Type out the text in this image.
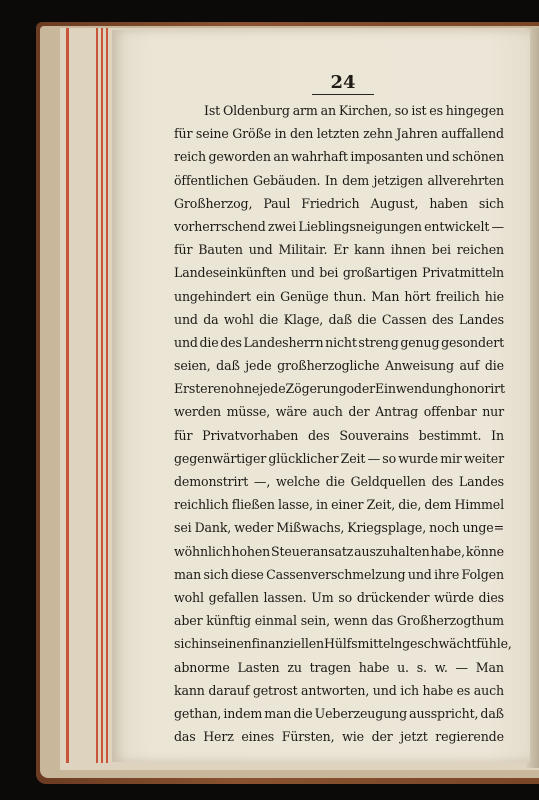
24
Ist Oldenburg arm an Kirchen, so ist es hingegen
für seine Größe in den letzten zehn Jahren auffallend
reich geworden an wahrhaft imposanten und schönen
öffentlichen Gebäuden. In dem jetzigen allverehrten
Großherzog, Paul Friedrich August, haben sich
vorherrschend zwei Lieblingsneigungen entwickelt —
für Bauten und Militair. Er kann ihnen bei reichen
Landeseinkünften und bei großartigen Privatmitteln
ungehindert ein Genüge thun. Man hört freilich hie
und da wohl die Klage, daß die Cassen des Landes
und die des Landesherrn nicht streng genug gesondert
seien, daß jede großherzogliche Anweisung auf die
Ersteren ohne jede Zögerung oder Einwendung honorirt
werden müsse, wäre auch der Antrag offenbar nur
für Privatvorhaben des Souverains bestimmt. In
gegenwärtiger glücklicher Zeit — so wurde mir weiter
demonstrirt —, welche die Geldquellen des Landes
reichlich fließen lasse, in einer Zeit, die, dem Himmel
sei Dank, weder Mißwachs, Kriegsplage, noch unge=
wöhnlich hohen Steueransatz auszuhalten habe, könne
man sich diese Cassenverschmelzung und ihre Folgen
wohl gefallen lassen. Um so drückender würde dies
aber künftig einmal sein, wenn das Großherzogthum
sich in seinen finanziellen Hülfsmitteln geschwächt fühle,
abnorme Lasten zu tragen habe u. s. w. — Man
kann darauf getrost antworten, und ich habe es auch
gethan, indem man die Ueberzeugung ausspricht, daß
das Herz eines Fürsten, wie der jetzt regierende
